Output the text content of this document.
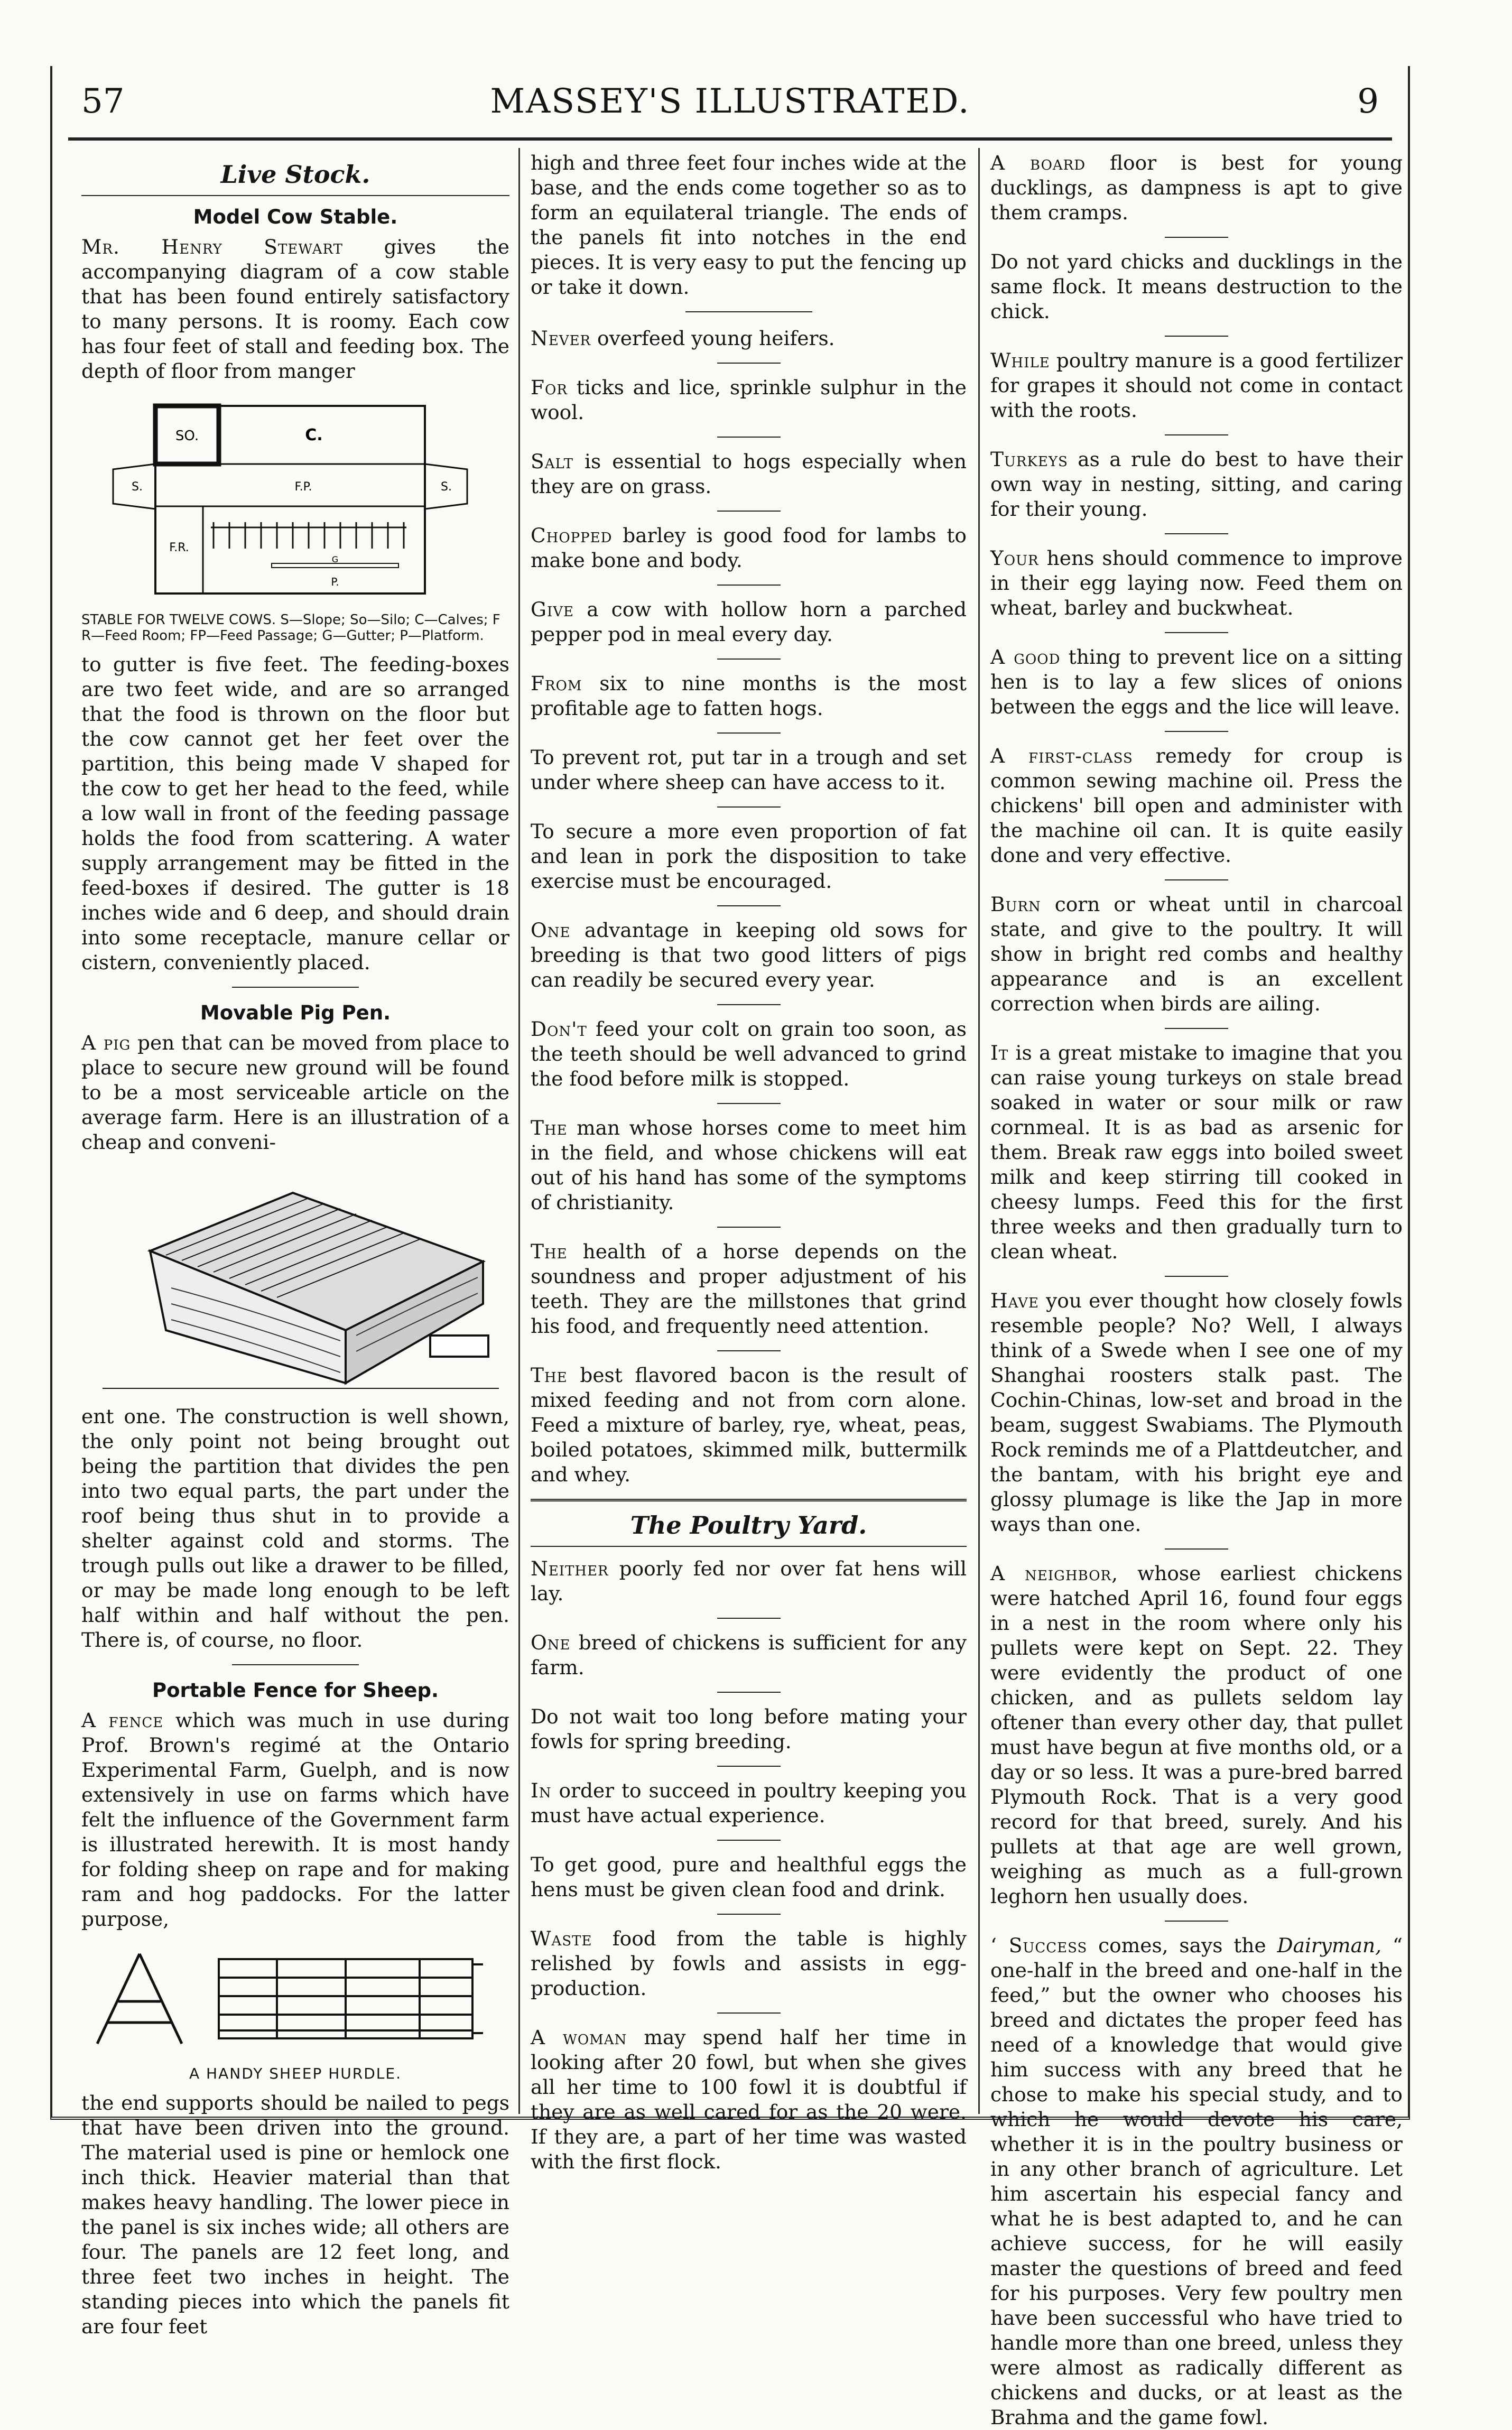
57	MASSEY'S ILLUSTRATED.	9
Live Stock.
Model Cow Stable.

Mr. Henry Stewart gives the accompanying diagram of a cow stable that has been found entirely satisfactory to many persons. It is roomy. Each cow has four feet of stall and feeding box. The depth of floor from manger

SO.	C.
S.	S.
F.P.
F.R.
G
P.
STABLE FOR TWELVE COWS. S—Slope; So—Silo; C—Calves; F R—Feed Room; FP—Feed Passage; G—Gutter; P—Platform.

to gutter is five feet. The feeding-boxes are two feet wide, and are so arranged that the food is thrown on the floor but the cow cannot get her feet over the partition, this being made V shaped for the cow to get her head to the feed, while a low wall in front of the feeding passage holds the food from scattering. A water supply arrangement may be fitted in the feed-boxes if desired. The gutter is 18 inches wide and 6 deep, and should drain into some receptacle, manure cellar or cistern, conveniently placed.

Movable Pig Pen.

A pig pen that can be moved from place to place to secure new ground will be found to be a most serviceable article on the average farm. Here is an illustration of a cheap and conveni-

ent one. The construction is well shown, the only point not being brought out being the partition that divides the pen into two equal parts, the part under the roof being thus shut in to provide a shelter against cold and storms. The trough pulls out like a drawer to be filled, or may be made long enough to be left half within and half without the pen. There is, of course, no floor.

Portable Fence for Sheep.

A fence which was much in use during Prof. Brown's regimé at the Ontario Experimental Farm, Guelph, and is now extensively in use on farms which have felt the influence of the Government farm is illustrated herewith. It is most handy for folding sheep on rape and for making ram and hog paddocks. For the latter purpose,

A HANDY SHEEP HURDLE.

the end supports should be nailed to pegs that have been driven into the ground. The material used is pine or hemlock one inch thick. Heavier material than that makes heavy handling. The lower piece in the panel is six inches wide; all others are four. The panels are 12 feet long, and three feet two inches in height. The standing pieces into which the panels fit are four feet

high and three feet four inches wide at the base, and the ends come together so as to form an equilateral triangle. The ends of the panels fit into notches in the end pieces. It is very easy to put the fencing up or take it down.

Never overfeed young heifers.

For ticks and lice, sprinkle sulphur in the wool.

Salt is essential to hogs especially when they are on grass.

Chopped barley is good food for lambs to make bone and body.

Give a cow with hollow horn a parched pepper pod in meal every day.

From six to nine months is the most profitable age to fatten hogs.

To prevent rot, put tar in a trough and set under where sheep can have access to it.

To secure a more even proportion of fat and lean in pork the disposition to take exercise must be encouraged.

One advantage in keeping old sows for breeding is that two good litters of pigs can readily be secured every year.

Don't feed your colt on grain too soon, as the teeth should be well advanced to grind the food before milk is stopped.

The man whose horses come to meet him in the field, and whose chickens will eat out of his hand has some of the symptoms of christianity.

The health of a horse depends on the soundness and proper adjustment of his teeth. They are the millstones that grind his food, and frequently need attention.

The best flavored bacon is the result of mixed feeding and not from corn alone. Feed a mixture of barley, rye, wheat, peas, boiled potatoes, skimmed milk, buttermilk and whey.

The Poultry Yard.

Neither poorly fed nor over fat hens will lay.

One breed of chickens is sufficient for any farm.

Do not wait too long before mating your fowls for spring breeding.

In order to succeed in poultry keeping you must have actual experience.

To get good, pure and healthful eggs the hens must be given clean food and drink.

Waste food from the table is highly relished by fowls and assists in egg-production.

A woman may spend half her time in looking after 20 fowl, but when she gives all her time to 100 fowl it is doubtful if they are as well cared for as the 20 were. If they are, a part of her time was wasted with the first flock.

A board floor is best for young ducklings, as dampness is apt to give them cramps.

Do not yard chicks and ducklings in the same flock. It means destruction to the chick.

While poultry manure is a good fertilizer for grapes it should not come in contact with the roots.

Turkeys as a rule do best to have their own way in nesting, sitting, and caring for their young.

Your hens should commence to improve in their egg laying now. Feed them on wheat, barley and buckwheat.

A good thing to prevent lice on a sitting hen is to lay a few slices of onions between the eggs and the lice will leave.

A first-class remedy for croup is common sewing machine oil. Press the chickens' bill open and administer with the machine oil can. It is quite easily done and very effective.

Burn corn or wheat until in charcoal state, and give to the poultry. It will show in bright red combs and healthy appearance and is an excellent correction when birds are ailing.

It is a great mistake to imagine that you can raise young turkeys on stale bread soaked in water or sour milk or raw cornmeal. It is as bad as arsenic for them. Break raw eggs into boiled sweet milk and keep stirring till cooked in cheesy lumps. Feed this for the first three weeks and then gradually turn to clean wheat.

Have you ever thought how closely fowls resemble people? No? Well, I always think of a Swede when I see one of my Shanghai roosters stalk past. The Cochin-Chinas, low-set and broad in the beam, suggest Swabiams. The Plymouth Rock reminds me of a Plattdeutcher, and the bantam, with his bright eye and glossy plumage is like the Jap in more ways than one.

A neighbor, whose earliest chickens were hatched April 16, found four eggs in a nest in the room where only his pullets were kept on Sept. 22. They were evidently the product of one chicken, and as pullets seldom lay oftener than every other day, that pullet must have begun at five months old, or a day or so less. It was a pure-bred barred Plymouth Rock. That is a very good record for that breed, surely. And his pullets at that age are well grown, weighing as much as a full-grown leghorn hen usually does.

‘ Success comes, says the Dairyman, “ one-half in the breed and one-half in the feed,” but the owner who chooses his breed and dictates the proper feed has need of a knowledge that would give him success with any breed that he chose to make his special study, and to which he would devote his care, whether it is in the poultry business or in any other branch of agriculture. Let him ascertain his especial fancy and what he is best adapted to, and he can achieve success, for he will easily master the questions of breed and feed for his purposes. Very few poultry men have been successful who have tried to handle more than one breed, unless they were almost as radically different as chickens and ducks, or at least as the Brahma and the game fowl.
